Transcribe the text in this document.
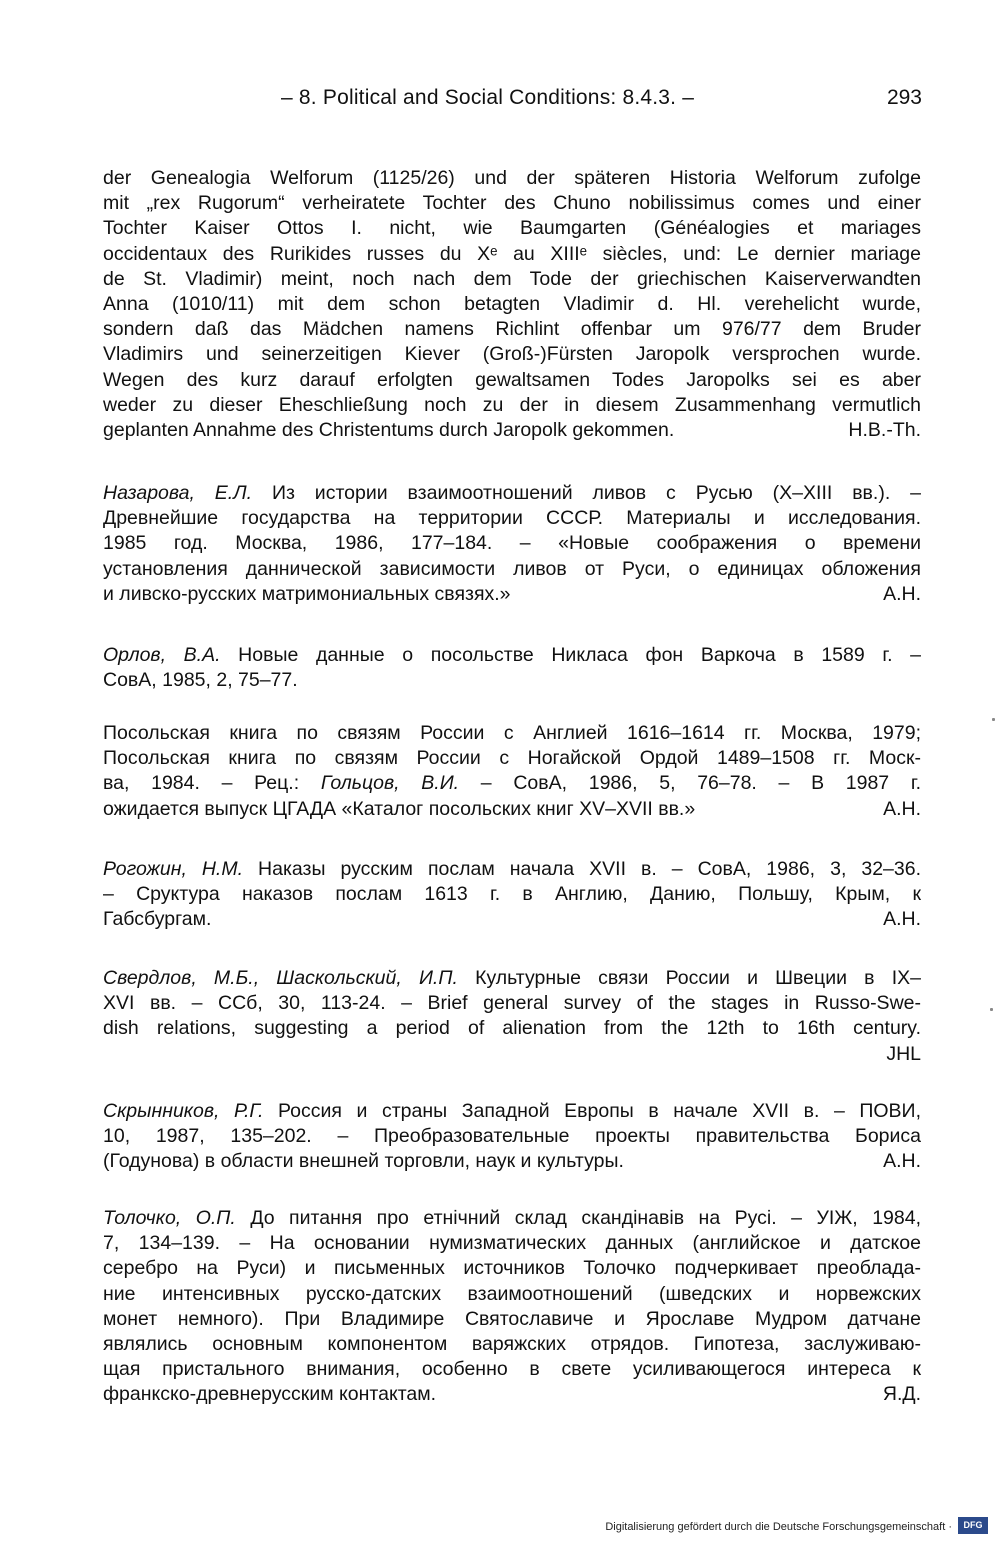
– 8. Political and Social Conditions: 8.4.3. –	293
der Genealogia Welforum (1125/26) und der späteren Historia Welforum zufolge
mit „rex Rugorum“ verheiratete Tochter des Chuno nobilissimus comes und einer
Tochter Kaiser Ottos I. nicht, wie Baumgarten (Généalogies et mariages
occidentaux des Rurikides russes du Xᵉ au XIIIᵉ siècles, und: Le dernier mariage
de St. Vladimir) meint, noch nach dem Tode der griechischen Kaiserverwandten
Anna (1010/11) mit dem schon betagten Vladimir d. Hl. verehelicht wurde,
sondern daß das Mädchen namens Richlint offenbar um 976/77 dem Bruder
Vladimirs und seinerzeitigen Kiever (Groß-)Fürsten Jaropolk versprochen wurde.
Wegen des kurz darauf erfolgten gewaltsamen Todes Jaropolks sei es aber
weder zu dieser Eheschließung noch zu der in diesem Zusammenhang vermutlich
geplanten Annahme des Christentums durch Jaropolk gekommen.	H.B.-Th.
Назарова, Е.Л. Из истории взаимоотношений ливов с Русью (X–XIII вв.). –
Древнейшие государства на территории СССР. Материалы и исследования.
1985 год. Москва, 1986, 177–184. – «Новые соображения о времени
установления даннической зависимости ливов от Руси, о единицах обложения
и ливско-русских матримониальных связях.»	А.Н.
Орлов, В.А. Новые данные о посольстве Никласа фон Варкоча в 1589 г. –
СовА, 1985, 2, 75–77.
Посольская книга по связям России с Англией 1616–1614 гг. Москва, 1979;
Посольская книга по связям России с Ногайской Ордой 1489–1508 гг. Моск-
ва, 1984. – Рец.: Гольцов, В.И. – СовА, 1986, 5, 76–78. – В 1987 г.
ожидается выпуск ЦГАДА «Каталог посольских книг XV–XVII вв.»	А.Н.
Рогожин, Н.М. Наказы русским послам начала XVII в. – СовА, 1986, 3, 32–36.
– Сруктура наказов послам 1613 г. в Англию, Данию, Польшу, Крым, к
Габсбургам.	А.Н.
Свердлов, М.Б., Шаскольский, И.П. Культурные связи России и Швеции в IX–
XVI вв. – ССб, 30, 113-24. – Brief general survey of the stages in Russo-Swe-
dish relations, suggesting a period of alienation from the 12th to 16th century.
JHL
Скрынников, Р.Г. Россия и страны Западной Европы в начале XVII в. – ПОВИ,
10, 1987, 135–202. – Преобразовательные проекты правительства Бориса
(Годунова) в области внешней торговли, наук и культуры.	А.Н.
Толочко, О.П. До питання про етнічний склад скандінавів на Русі. – УІЖ, 1984,
7, 134–139. – На основании нумизматических данных (английское и датское
серебро на Руси) и письменных источников Толочко подчеркивает преоблада-
ние интенсивных русско-датских взаимоотношений (шведских и норвежских
монет немного). При Владимире Святославиче и Ярославе Мудром датчане
являлись основным компонентом варяжских отрядов. Гипотеза, заслуживаю-
щая пристального внимания, особенно в свете усиливающегося интереса к
франкско-древнерусским контактам.	Я.Д.
Digitalisierung gefördert durch die Deutsche Forschungsgemeinschaft ·	DFG
